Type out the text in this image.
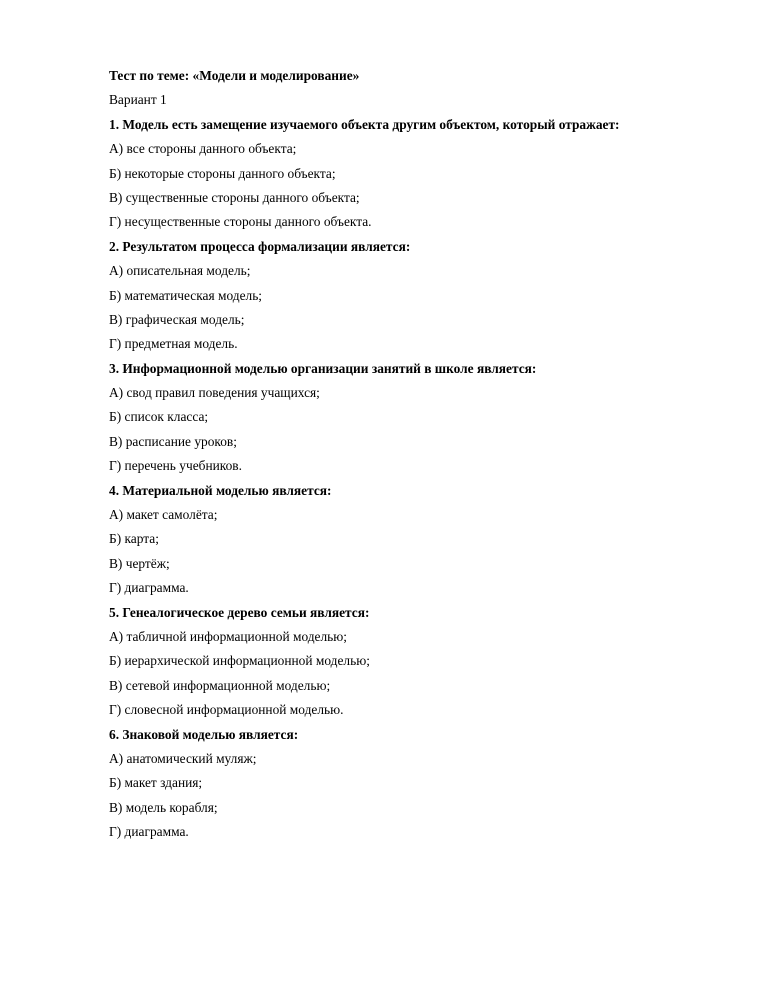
Тест по теме: «Модели и моделирование»
Вариант 1
1. Модель есть замещение изучаемого объекта другим объектом, который отражает:
А) все стороны данного объекта;
Б) некоторые стороны данного объекта;
В) существенные стороны данного объекта;
Г) несущественные стороны данного объекта.
2. Результатом процесса формализации является:
А) описательная модель;
Б) математическая модель;
В) графическая модель;
Г) предметная модель.
3. Информационной моделью организации занятий в школе является:
А) свод правил поведения учащихся;
Б) список класса;
В) расписание уроков;
Г) перечень учебников.
4. Материальной моделью является:
А) макет самолёта;
Б) карта;
В) чертёж;
Г) диаграмма.
5. Генеалогическое дерево семьи является:
А) табличной информационной моделью;
Б) иерархической информационной моделью;
В) сетевой информационной моделью;
Г) словесной информационной моделью.
6. Знаковой моделью является:
А) анатомический муляж;
Б) макет здания;
В) модель корабля;
Г) диаграмма.
